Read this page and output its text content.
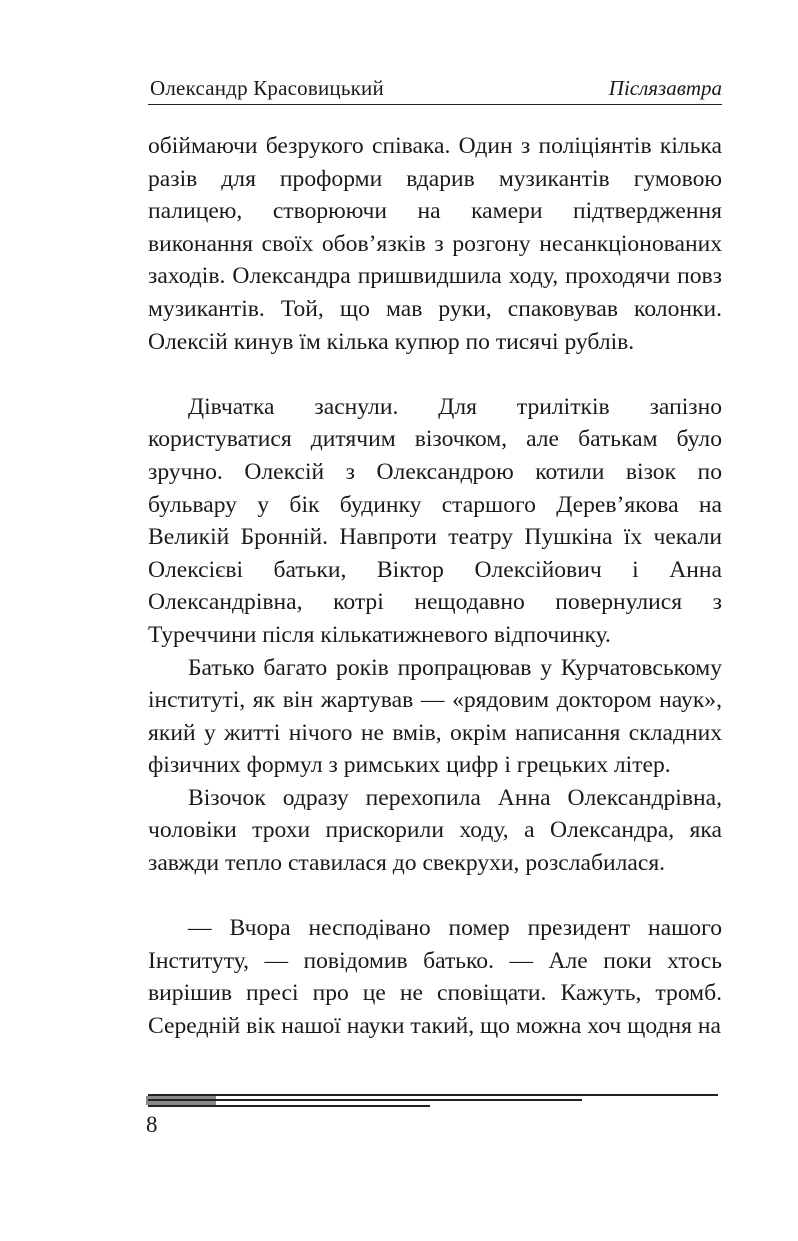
Олександр Красовицький	Післязавтра

обіймаючи безрукого співака. Один з поліціянтів кілька разів для проформи вдарив музикантів гумовою палицею, створюючи на камери підтвердження виконання своїх обов’язків з розгону несанкціонованих заходів. Олександра пришвидшила ходу, проходячи повз музикантів. Той, що мав руки, спаковував колонки. Олексій кинув їм кілька купюр по тисячі рублів.

Дівчатка заснули. Для трилітків запізно користуватися дитячим візочком, але батькам було зручно. Олексій з Олександрою котили візок по бульвару у бік будинку старшого Дерев’якова на Великій Бронній. Навпроти театру Пушкіна їх чекали Олексієві батьки, Віктор Олексійович і Анна Олександрівна, котрі нещодавно повернулися з Туреччини після кількатижневого відпочинку.

Батько багато років пропрацював у Курчатовському інституті, як він жартував — «рядовим доктором наук», який у житті нічого не вмів, окрім написання складних фізичних формул з римських цифр і грецьких літер.

Візочок одразу перехопила Анна Олександрівна, чоловіки трохи прискорили ходу, а Олександра, яка завжди тепло ставилася до свекрухи, розслабилася.

— Вчора несподівано помер президент нашого Інституту, — повідомив батько. — Але поки хтось вирішив пресі про це не сповіщати. Кажуть, тромб. Середній вік нашої науки такий, що можна хоч щодня на

8
